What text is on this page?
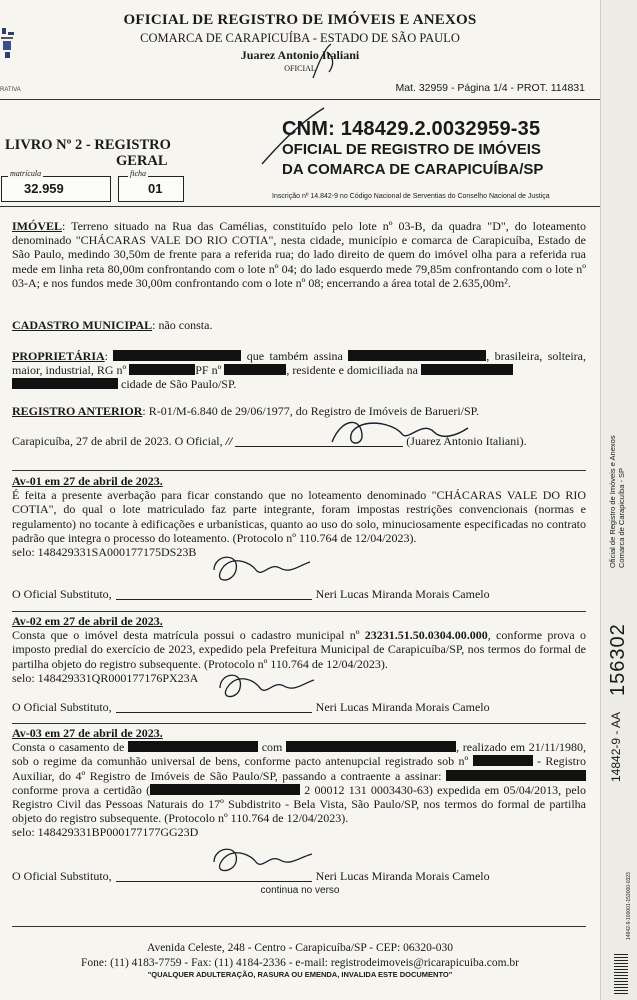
RATIVA
OFICIAL DE REGISTRO DE IMÓVEIS E ANEXOS
COMARCA DE CARAPICUÍBA - ESTADO DE SÃO PAULO
Juarez Antonio Italiani
OFICIAL
Mat. 32959 - Página 1/4 - PROT. 114831
LIVRO Nº 2 - REGISTRO
GERAL
matrícula
32.959
ficha
01
CNM: 148429.2.0032959-35
OFICIAL DE REGISTRO DE IMÓVEIS
DA COMARCA DE CARAPICUÍBA/SP
Inscrição nº 14.842-9 no Código Nacional de Serventias do Conselho Nacional de Justiça
IMÓVEL: Terreno situado na Rua das Camélias, constituído pelo lote nº 03-B, da quadra "D", do loteamento denominado "CHÁCARAS VALE DO RIO COTIA", nesta cidade, município e comarca de Carapicuíba, Estado de São Paulo, medindo 30,50m de frente para a referida rua; do lado direito de quem do imóvel olha para a referida rua mede em linha reta 80,00m confrontando com o lote nº 04; do lado esquerdo mede 79,85m confrontando com o lote nº 03-A; e nos fundos mede 30,00m confrontando com o lote nº 08; encerrando a área total de 2.635,00m².
CADASTRO MUNICIPAL: não consta.
PROPRIETÁRIA:	que também assina	, brasileira, solteira, maior, industrial, RG nº	PF nº	, residente e domiciliada na
cidade de São Paulo/SP.
REGISTRO ANTERIOR: R-01/M-6.840 de 29/06/1977, do Registro de Imóveis de Barueri/SP.
Carapicuíba, 27 de abril de 2023. O Oficial, //	(Juarez Antonio Italiani).
Av-01 em 27 de abril de 2023.
É feita a presente averbação para ficar constando que no loteamento denominado "CHÁCARAS VALE DO RIO COTIA", do qual o lote matriculado faz parte integrante, foram impostas restrições convencionais (normas e regulamento) no tocante à edificações e urbanísticas, quanto ao uso do solo, minuciosamente especificadas no contrato padrão que integra o processo do loteamento. (Protocolo nº 110.764 de 12/04/2023).
selo: 148429331SA000177175DS23B
O Oficial Substituto,	Neri Lucas Miranda Morais Camelo
Av-02 em 27 de abril de 2023.
Consta que o imóvel desta matrícula possui o cadastro municipal nº 23231.51.50.0304.00.000, conforme prova o imposto predial do exercício de 2023, expedido pela Prefeitura Municipal de Carapicuíba/SP, nos termos do formal de partilha objeto do registro subsequente. (Protocolo nº 110.764 de 12/04/2023).
selo: 148429331QR000177176PX23A
O Oficial Substituto,	Neri Lucas Miranda Morais Camelo
Av-03 em 27 de abril de 2023.
Consta o casamento de	com	, realizado em 21/11/1980, sob o regime da comunhão universal de bens, conforme pacto antenupcial registrado sob nº	- Registro Auxiliar, do 4º Registro de Imóveis de São Paulo/SP, passando a contraente a assinar:  conforme prova a certidão (	2 00012 131 0003430-63) expedida em 05/04/2013, pelo Registro Civil das Pessoas Naturais do 17º Subdistrito - Bela Vista, São Paulo/SP, nos termos do formal de partilha objeto do registro subsequente. (Protocolo nº 110.764 de 12/04/2023).
selo: 148429331BP000177177GG23D
O Oficial Substituto,	Neri Lucas Miranda Morais Camelo
continua no verso
Avenida Celeste, 248 - Centro - Carapicuíba/SP - CEP: 06320-030
Fone: (11) 4183-7759 - Fax: (11) 4184-2336 - e-mail: registrodeimoveis@ricarapicuiba.com.br
"QUALQUER ADULTERAÇÃO, RASURA OU EMENDA, INVALIDA ESTE DOCUMENTO"
Oficial de Registro de Imóveis e Anexos Comarca de Carapicuíba - SP
14842-9 - AA
156302
14842-9-100001-153000-0323
